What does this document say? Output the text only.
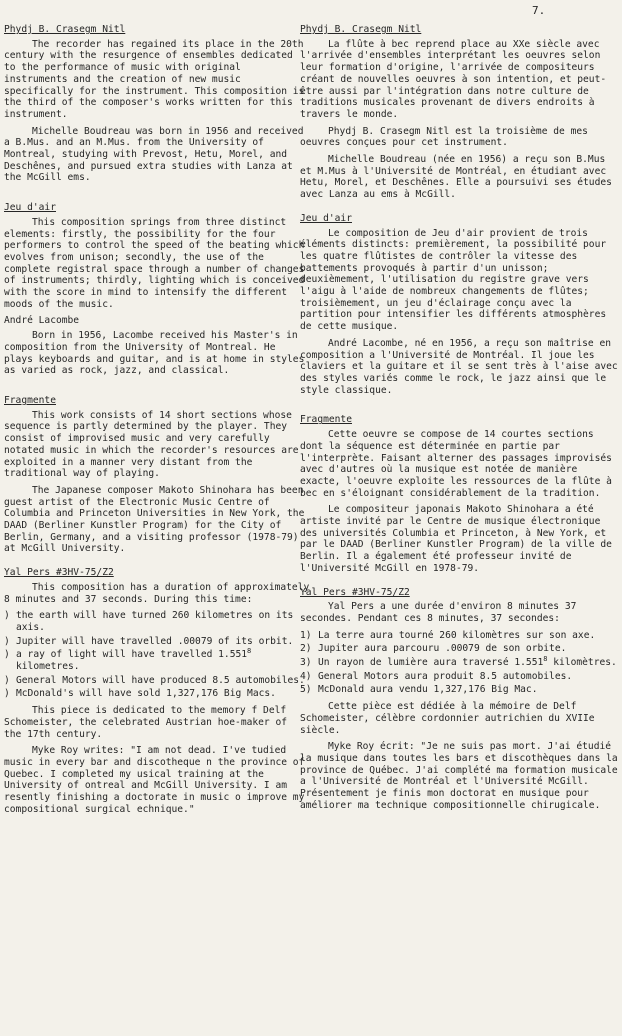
7.
Phydj B. Crasegm Nitl

The recorder has regained its place in the 20th century with the resurgence of ensembles dedicated to the performance of music with original instruments and the creation of new music specifically for the instrument. This composition is the third of the composer's works written for this instrument.

Michelle Boudreau was born in 1956 and received a B.Mus. and an M.Mus. from the University of Montreal, studying with Prevost, Hetu, Morel, and Deschênes, and pursued extra studies with Lanza at the McGill ems.

Jeu d'air

This composition springs from three distinct elements: firstly, the possibility for the four performers to control the speed of the beating which evolves from unison; secondly, the use of the complete registral space through a number of changes of instruments; thirdly, lighting which is conceived with the score in mind to intensify the different moods of the music.

André Lacombe

Born in 1956, Lacombe received his Master's in composition from the University of Montreal. He plays keyboards and guitar, and is at home in styles as varied as rock, jazz, and classical.

Fragmente

This work consists of 14 short sections whose sequence is partly determined by the player. They consist of improvised music and very carefully notated music in which the recorder's resources are exploited in a manner very distant from the traditional way of playing.

The Japanese composer Makoto Shinohara has been guest artist of the Electronic Music Centre of Columbia and Princeton Universities in New York, the DAAD (Berliner Kunstler Program) for the City of Berlin, Germany, and a visiting professor (1978-79) at McGill University.

Yal Pers #3HV-75/Z2

This composition has a duration of approximately 8 minutes and 37 seconds. During this time:

) the earth will have turned 260 kilometres on its axis.
) Jupiter will have travelled .00079 of its orbit.
) a ray of light will have travelled 1.551$^8$ kilometres.
) General Motors will have produced 8.5 automobiles.
) McDonald's will have sold 1,327,176 Big Macs.

This piece is dedicated to the memory f Delf Schomeister, the celebrated Austrian hoe-maker of the 17th century.

Myke Roy writes: "I am not dead. I've tudied music in every bar and discotheque n the province of Quebec. I completed my usical training at the University of ontreal and McGill University. I am resently finishing a doctorate in music o improve my compositional surgical echnique."

Phydj B. Crasegm Nitl

La flûte à bec reprend place au XXe siècle avec l'arrivée d'ensembles interprétant les oeuvres selon leur formation d'origine, l'arrivée de compositeurs créant de nouvelles oeuvres à son intention, et peut-être aussi par l'intégration dans notre culture de traditions musicales provenant de divers endroits à travers le monde.

Phydj B. Crasegm Nitl est la troisième de mes oeuvres conçues pour cet instrument.

Michelle Boudreau (née en 1956) a reçu son B.Mus et M.Mus à l'Université de Montréal, en étudiant avec Hetu, Morel, et Deschênes. Elle a poursuivi ses études avec Lanza au ems à McGill.

Jeu d'air

Le composition de Jeu d'air provient de trois éléments distincts: premièrement, la possibilité pour les quatre flûtistes de contrôler la vitesse des battements provoqués à partir d'un unisson; deuxièmement, l'utilisation du registre grave vers l'aigu à l'aide de nombreux changements de flûtes; troisièmement, un jeu d'éclairage conçu avec la partition pour intensifier les différents atmosphères de cette musique.

André Lacombe, né en 1956, a reçu son maîtrise en composition a l'Université de Montréal. Il joue les claviers et la guitare et il se sent très à l'aise avec des styles variés comme le rock, le jazz ainsi que le style classique.

Fragmente

Cette oeuvre se compose de 14 courtes sections dont la séquence est déterminée en partie par l'interprète. Faisant alterner des passages improvisés avec d'autres où la musique est notée de manière exacte, l'oeuvre exploite les ressources de la flûte à bec en s'éloignant considérablement de la tradition.

Le compositeur japonais Makoto Shinohara a été artiste invité par le Centre de musique électronique des universités Columbia et Princeton, à New York, et par le DAAD (Berliner Kunstler Program) de la ville de Berlin. Il a également été professeur invité de l'Université McGill en 1978-79.

Yal Pers #3HV-75/Z2

Yal Pers a une durée d'environ 8 minutes 37 secondes. Pendant ces 8 minutes, 37 secondes:

1) La terre aura tourné 260 kilomètres sur son axe.
2) Jupiter aura parcouru .00079 de son orbite.
3) Un rayon de lumière aura traversé 1.551$^8$ kilomètres.
4) General Motors aura produit 8.5 automobiles.
5) McDonald aura vendu 1,327,176 Big Mac.

Cette pièce est dédiée à la mémoire de Delf Schomeister, célèbre cordonnier autrichien du XVIIe siècle.

Myke Roy écrit: "Je ne suis pas mort. J'ai étudié la musique dans toutes les bars et discothèques dans la province de Québec. J'ai complété ma formation musicale a l'Université de Montréal et l'Université McGill. Présentement je finis mon doctorat en musique pour améliorer ma technique compositionnelle chirugicale.
